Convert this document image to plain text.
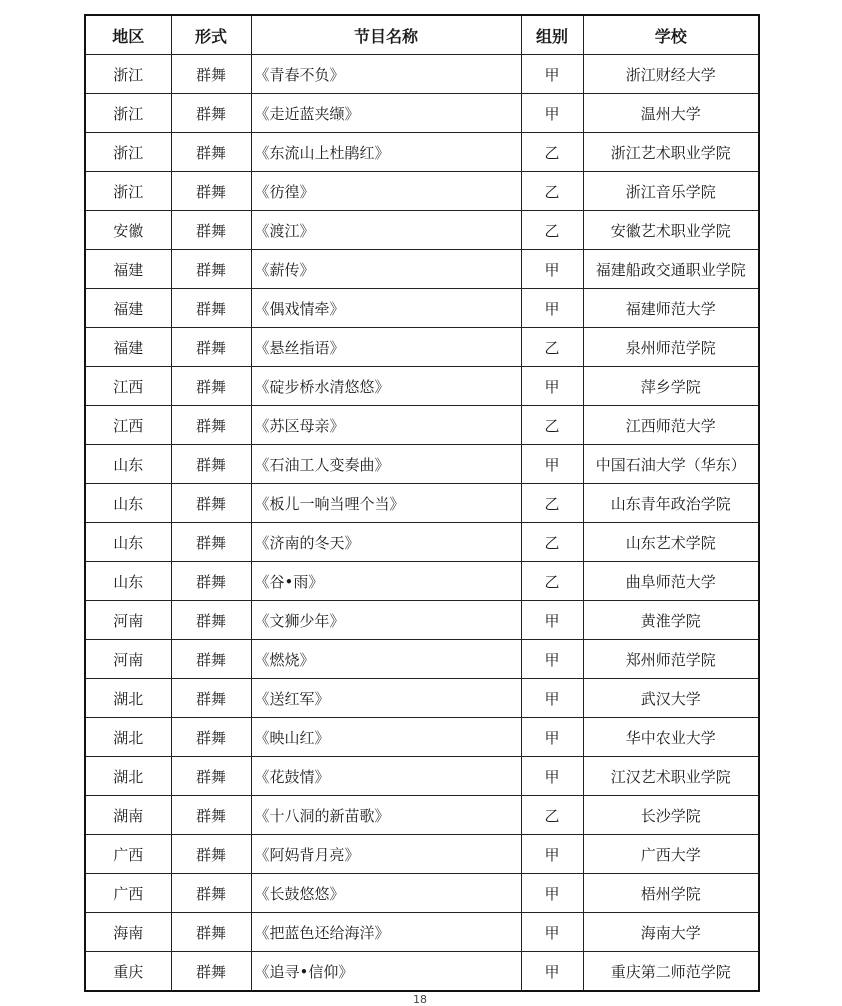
地区	形式	节目名称	组别	学校
浙江	群舞	《青春不负》	甲	浙江财经大学
浙江	群舞	《走近蓝夹缬》	甲	温州大学
浙江	群舞	《东流山上杜鹃红》	乙	浙江艺术职业学院
浙江	群舞	《彷徨》	乙	浙江音乐学院
安徽	群舞	《渡江》	乙	安徽艺术职业学院
福建	群舞	《薪传》	甲	福建船政交通职业学院
福建	群舞	《偶戏情牵》	甲	福建师范大学
福建	群舞	《悬丝指语》	乙	泉州师范学院
江西	群舞	《碇步桥水清悠悠》	甲	萍乡学院
江西	群舞	《苏区母亲》	乙	江西师范大学
山东	群舞	《石油工人变奏曲》	甲	中国石油大学（华东）
山东	群舞	《板儿一响当哩个当》	乙	山东青年政治学院
山东	群舞	《济南的冬天》	乙	山东艺术学院
山东	群舞	《谷•雨》	乙	曲阜师范大学
河南	群舞	《文狮少年》	甲	黄淮学院
河南	群舞	《燃烧》	甲	郑州师范学院
湖北	群舞	《送红军》	甲	武汉大学
湖北	群舞	《映山红》	甲	华中农业大学
湖北	群舞	《花鼓情》	甲	江汉艺术职业学院
湖南	群舞	《十八洞的新苗歌》	乙	长沙学院
广西	群舞	《阿妈背月亮》	甲	广西大学
广西	群舞	《长鼓悠悠》	甲	梧州学院
海南	群舞	《把蓝色还给海洋》	甲	海南大学
重庆	群舞	《追寻•信仰》	甲	重庆第二师范学院
18
